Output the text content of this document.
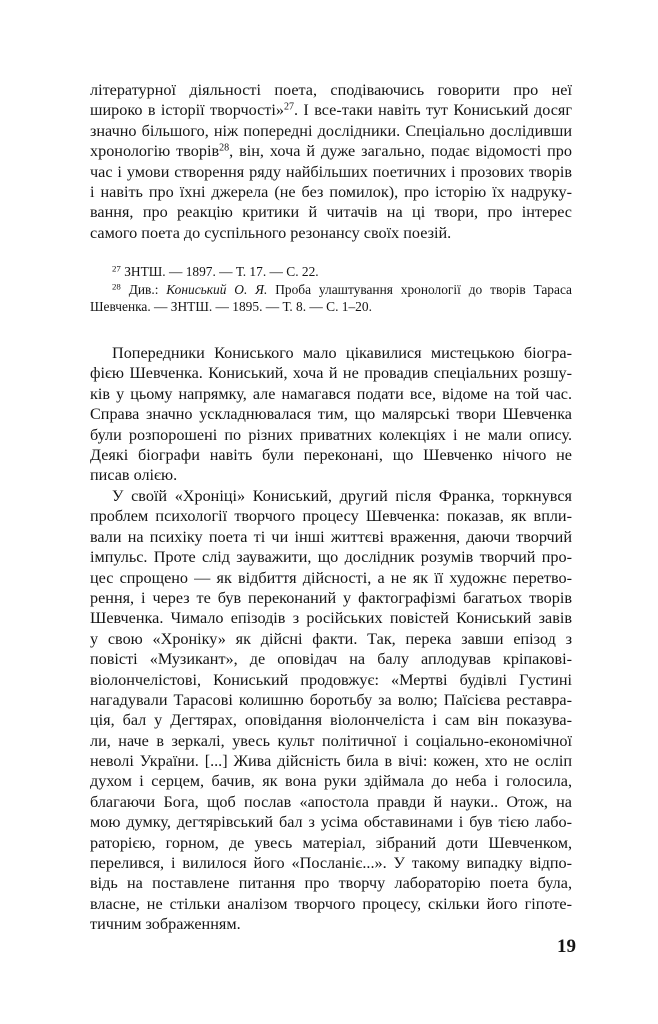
літературної діяльності поета, сподіваючись говорити про неї
широко в історії творчості»$^{27}$. І все-таки навіть тут Кониський досяг
значно більшого, ніж попередні дослідники. Спеціально дослідивши
хронологію творів$^{28}$, він, хоча й дуже загально, подає відомості про
час і умови створення ряду найбільших поетичних і прозових творів
і навіть про їхні джерела (не без помилок), про історію їх надруку-
вання, про реакцію критики й читачів на ці твори, про інтерес
самого поета до суспільного резонансу своїх поезій.
$^{27}$ ЗНТШ. — 1897. — Т. 17. — С. 22.
$^{28}$ Див.: Кониський О. Я. Проба улаштування хронології до творів Тараса
Шевченка. — ЗНТШ. — 1895. — Т. 8. — С. 1–20.
Попередники Кониського мало цікавилися мистецькою біогра-
фією Шевченка. Кониський, хоча й не провадив спеціальних розшу-
ків у цьому напрямку, але намагався подати все, відоме на той час.
Справа значно ускладнювалася тим, що малярські твори Шевченка
були розпорошені по різних приватних колекціях і не мали опису.
Деякі біографи навіть були переконані, що Шевченко нічого не
писав олією.
У своїй «Хроніці» Кониський, другий після Франка, торкнувся
проблем психології творчого процесу Шевченка: показав, як впли-
вали на психіку поета ті чи інші життєві враження, даючи творчий
імпульс. Проте слід зауважити, що дослідник розумів творчий про-
цес спрощено — як відбиття дійсності, а не як її художнє перетво-
рення, і через те був переконаний у фактографізмі багатьох творів
Шевченка. Чимало епізодів з російських повістей Кониський завів
у свою «Хроніку» як дійсні факти. Так, перека завши епізод з
повісті «Музикант», де оповідач на балу аплодував кріпакові-
віолончелістові, Кониський продовжує: «Мертві будівлі Густині
нагадували Тарасові колишню боротьбу за волю; Паїсієва реставра-
ція, бал у Дегтярах, оповідання віолончеліста і сам він показува-
ли, наче в зеркалі, увесь культ політичної і соціально-економічної
неволі України. [...] Жива дійсність била в вічі: кожен, хто не осліп
духом і серцем, бачив, як вона руки здіймала до неба і голосила,
благаючи Бога, щоб послав «апостола правди й науки.. Отож, на
мою думку, дегтярівський бал з усіма обставинами і був тією лабо-
раторією, горном, де увесь матеріал, зібраний доти Шевченком,
перелився, і вилилося його «Посланіє...». У такому випадку відпо-
відь на поставлене питання про творчу лабораторію поета була,
власне, не стільки аналізом творчого процесу, скільки його гіпоте-
тичним зображенням.
19
